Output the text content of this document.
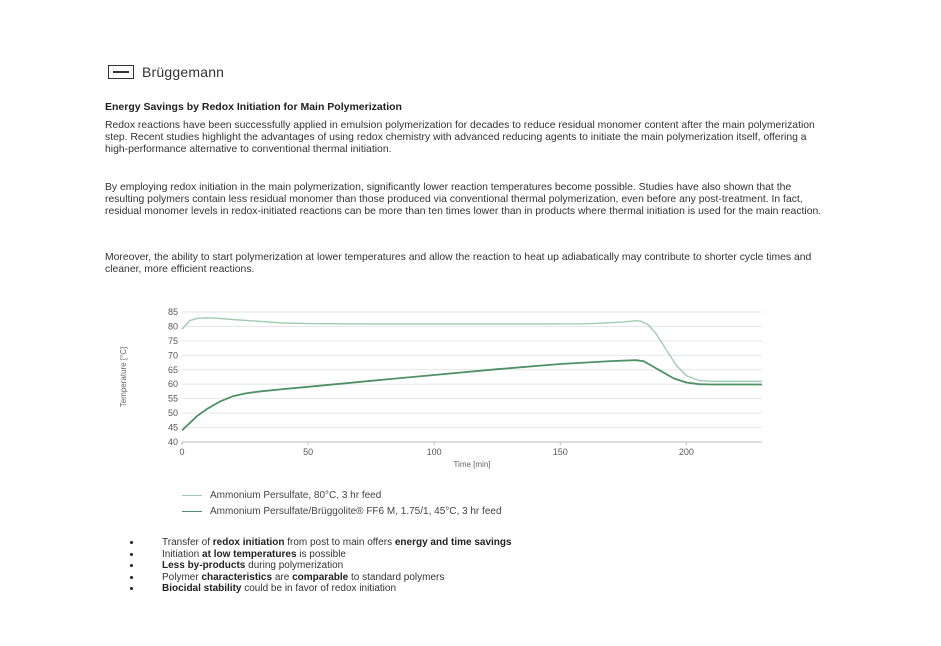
Brüggemann
Energy Savings by Redox Initiation for Main Polymerization

Redox reactions have been successfully applied in emulsion polymerization for decades to reduce residual monomer content after the main polymerization step. Recent studies highlight the advantages of using redox chemistry with advanced reducing agents to initiate the main polymerization itself, offering a high-performance alternative to conventional thermal initiation.

By employing redox initiation in the main polymerization, significantly lower reaction temperatures become possible. Studies have also shown that the resulting polymers contain less residual monomer than those produced via conventional thermal polymerization, even before any post-treatment. In fact, residual monomer levels in redox-initiated reactions can be more than ten times lower than in products where thermal initiation is used for the main reaction.

Moreover, the ability to start polymerization at lower temperatures and allow the reaction to heat up adiabatically may contribute to shorter cycle times and cleaner, more efficient reactions.

40
45
50
55
60
65
70
75
80
85
0	50	100	150	200
Time [min]
Temperature [°C]
Ammonium Persulfate, 80°C, 3 hr feed
Ammonium Persulfate/Brüggolite® FF6 M, 1.75/1, 45°C, 3 hr feed
Transfer of redox initiation from post to main offers energy and time savings
Initiation at low temperatures is possible
Less by-products during polymerization
Polymer characteristics are comparable to standard polymers
Biocidal stability could be in favor of redox initiation
